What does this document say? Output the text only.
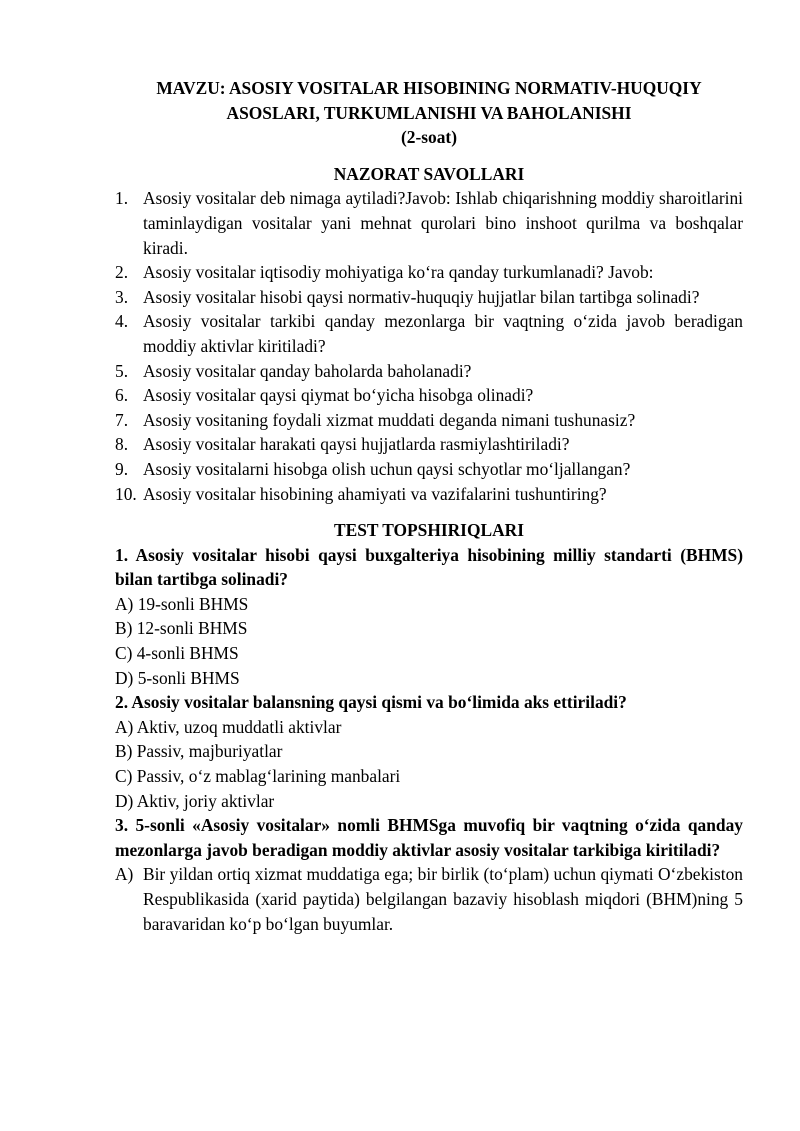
MAVZU: ASOSIY VOSITALAR HISOBINING NORMATIV-HUQUQIY
ASOSLARI, TURKUMLANISHI VA BAHOLANISHI
(2-soat)
NAZORAT SAVOLLARI
1. Asosiy vositalar deb nimaga aytiladi?Javob: Ishlab chiqarishning moddiy sharoitlarini taminlaydigan vositalar yani mehnat qurolari bino inshoot qurilma va boshqalar kiradi.
2. Asosiy vositalar iqtisodiy mohiyatiga ko‘ra qanday turkumlanadi? Javob:
3. Asosiy vositalar hisobi qaysi normativ-huquqiy hujjatlar bilan tartibga solinadi?
4. Asosiy vositalar tarkibi qanday mezonlarga bir vaqtning o‘zida javob beradigan moddiy aktivlar kiritiladi?
5. Asosiy vositalar qanday baholarda baholanadi?
6. Asosiy vositalar qaysi qiymat bo‘yicha hisobga olinadi?
7. Asosiy vositaning foydali xizmat muddati deganda nimani tushunasiz?
8. Asosiy vositalar harakati qaysi hujjatlarda rasmiylashtiriladi?
9. Asosiy vositalarni hisobga olish uchun qaysi schyotlar mo‘ljallangan?
10. Asosiy vositalar hisobining ahamiyati va vazifalarini tushuntiring?
TEST TOPSHIRIQLARI
1. Asosiy vositalar hisobi qaysi buxgalteriya hisobining milliy standarti (BHMS) bilan tartibga solinadi?
A) 19-sonli BHMS
B) 12-sonli BHMS
C) 4-sonli BHMS
D) 5-sonli BHMS
2. Asosiy vositalar balansning qaysi qismi va bo‘limida aks ettiriladi?
A) Aktiv, uzoq muddatli aktivlar
B) Passiv, majburiyatlar
C) Passiv, o‘z mablag‘larining manbalari
D) Aktiv, joriy aktivlar
3. 5-sonli «Asosiy vositalar» nomli BHMSga muvofiq bir vaqtning o‘zida qanday mezonlarga javob beradigan moddiy aktivlar asosiy vositalar tarkibiga kiritiladi?
A) Bir yildan ortiq xizmat muddatiga ega; bir birlik (to‘plam) uchun qiymati O‘zbekiston Respublikasida (xarid paytida) belgilangan bazaviy hisoblash miqdori (BHM)ning 5 baravaridan ko‘p bo‘lgan buyumlar.
